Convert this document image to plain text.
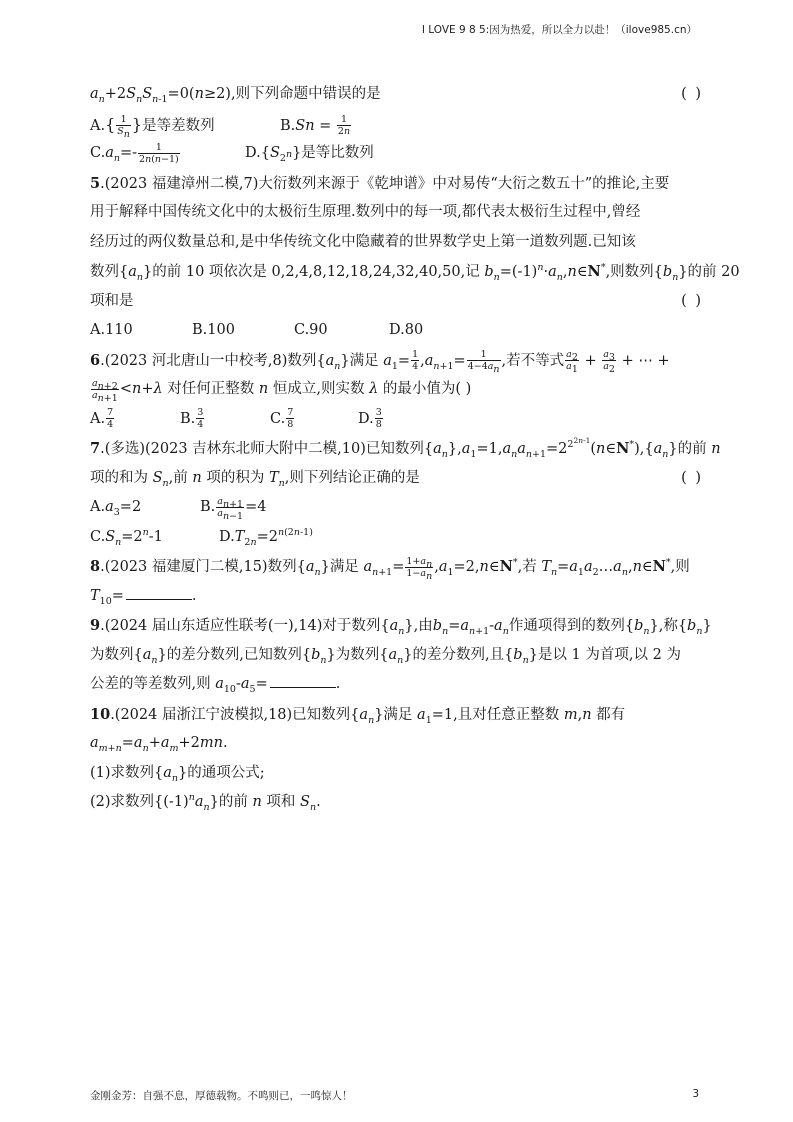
I LOVE 9 8 5:因为热爱，所以全力以赴！（ilove985.cn）
$a_n+2S_nS_{n-1}=0(n\ge 2)$,则下列命题中错误的是	( )
$A.\{ \frac{1}{S_n}$ }是等差数列	$B.Sn = \frac{1}{2n}$
$C.a_n=- \frac{1}{2n(n-1)}$	$D.\{S_{2^n}\}$是等比数列
5.(2023 福建漳州二模,7)大衍数列来源于《乾坤谱》中对易传“大衍之数五十”的推论,主要
用于解释中国传统文化中的太极衍生原理.数列中的每一项,都代表太极衍生过程中,曾经
经历过的两仪数量总和,是中华传统文化中隐藏着的世界数学史上第一道数列题.已知该
数列$\{a_n\}$的前 10 项依次是 0,2,4,8,12,18,24,32,40,50,记 $b_n=(-1)^n\cdot a_n,n\in N^*$,则数列$\{b_n\}$的前 20
项和是	( )
A.110	B.100	C.90	D.80
6.(2023 河北唐山一中校考,8)数列$\{a_n\}$满足 $a_1= \frac{1}{4} ,a_{n+1}= \frac{1}{4-4a_n}$ ,若不等式 $\frac{a_2}{a_1} + \frac{a_3}{a_2}$ + ⋯ +
$\frac{a_{n+2}}{a_{n+1}} <n+\lambda$ 对任何正整数 n 恒成立,则实数 λ 的最小值为( )
A. $\frac{7}{4}$	B. $\frac{3}{4}$	C. $\frac{7}{8}$	D. $\frac{3}{8}$
7.(多选)(2023 吉林东北师大附中二模,10)已知数列$\{a_n\},a_1=1,a_na_{n+1}=2^{2^{2n-1}}(n\in N^*),\{a_n\}$的前 n
项的和为 $S_n$,前 n 项的积为 $T_n$,则下列结论正确的是	( )
$A.a_3=2$	B. $\frac{a_{n+1}}{a_{n-1}} =4$
$C.S_n=2^n-1$	$D.T_{2n}=2^{n(2n-1)}$
8.(2023 福建厦门二模,15)数列$\{a_n\}$满足 $a_{n+1}= \frac{1+a_n}{1-a_n}$ $,a_1=2,n\in N^*$,若 $T_n=a_1a_2\dots a_n,n\in N^*$,则
$T_{10}=$	.
9.(2024 届山东适应性联考(一),14)对于数列$\{a_n\}$,由$b_n=a_{n+1}-a_n$作通项得到的数列$\{b_n\}$,称$\{b_n\}$
为数列$\{a_n\}$的差分数列,已知数列$\{b_n\}$为数列$\{a_n\}$的差分数列,且$\{b_n\}$是以 1 为首项,以 2 为
公差的等差数列,则 $a_{10}-a_5=$	.
10.(2024 届浙江宁波模拟,18)已知数列$\{a_n\}$满足 $a_1=1$,且对任意正整数 m,n 都有
$a_{m+n}=a_n+a_m+2mn$.
(1)求数列$\{a_n\}$的通项公式;
(2)求数列$\{(-1)^na_n\}$的前 n 项和 $S_n$.
金刚金芳：自强不息，厚德载物。不鸣则已，一鸣惊人！	3
